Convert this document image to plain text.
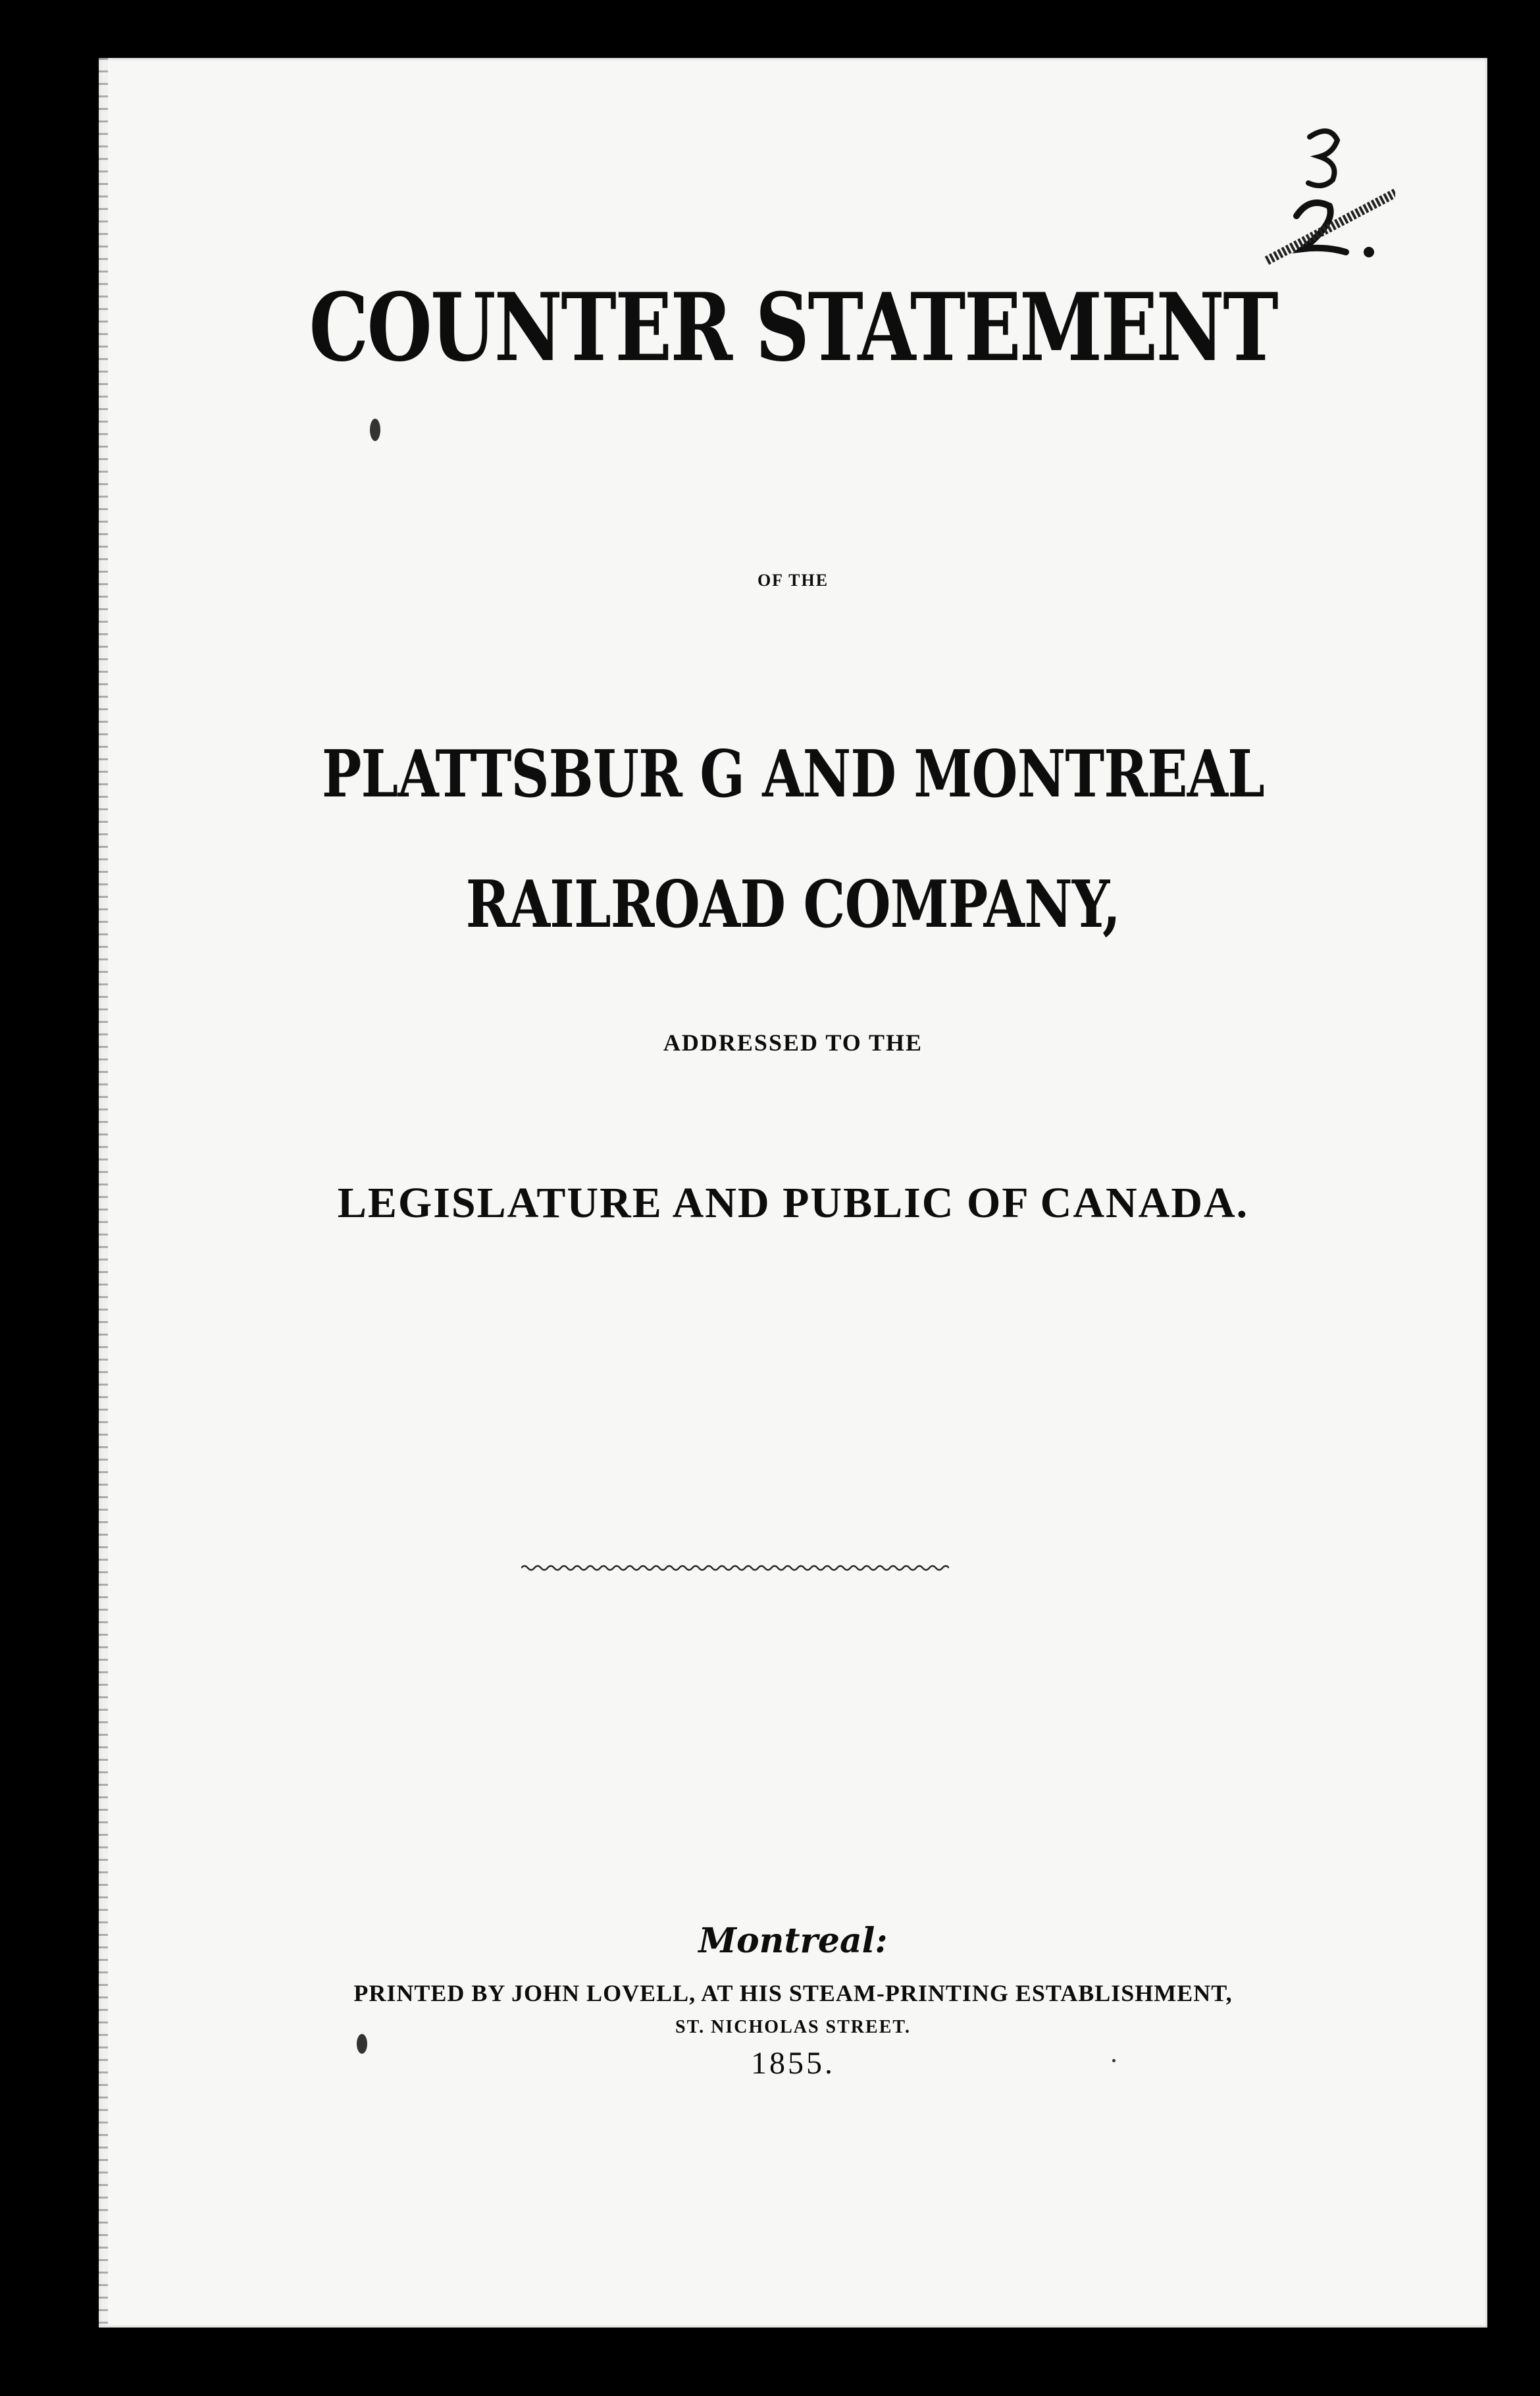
COUNTER STATEMENT
OF THE
PLATTSBUR G AND MONTREAL
RAILROAD COMPANY,
ADDRESSED TO THE
LEGISLATURE AND PUBLIC OF CANADA.
Montreal:
PRINTED BY JOHN LOVELL, AT HIS STEAM-PRINTING ESTABLISHMENT,
ST. NICHOLAS STREET.
1855.
